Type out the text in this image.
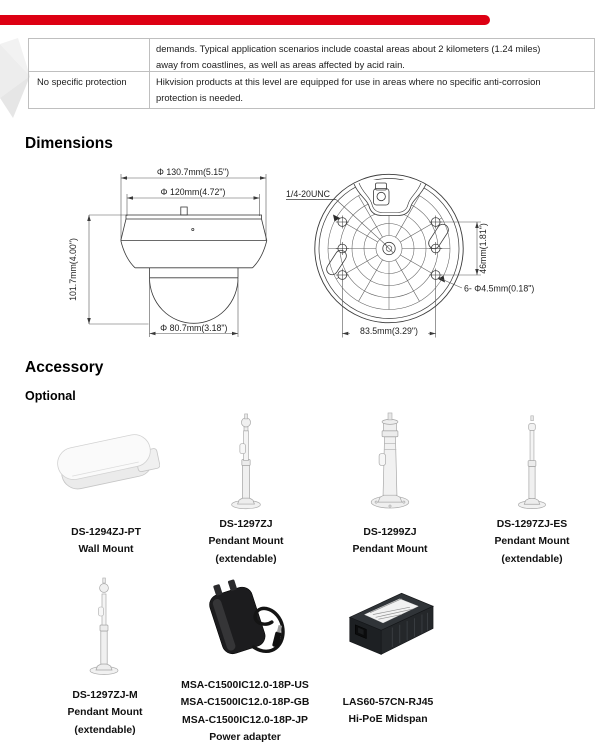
demands. Typical application scenarios include coastal areas about 2 kilometers (1.24 miles)
away from coastlines, as well as areas affected by acid rain.
No specific protection	Hikvision products at this level are equipped for use in areas where no specific anti-corrosion
protection is needed.
Dimensions
Φ 130.7mm(5.15")
Φ 120mm(4.72")
101.7mm(4.00")
Φ 80.7mm(3.18")
46mm(1.81")
6- Φ4.5mm(0.18")
83.5mm(3.29")
1/4-20UNC
Accessory
Optional
DS-1294ZJ-PT
Wall Mount
DS-1297ZJ
Pendant Mount
(extendable)
DS-1299ZJ
Pendant Mount
DS-1297ZJ-ES
Pendant Mount
(extendable)
DS-1297ZJ-M
Pendant Mount
(extendable)
MSA-C1500IC12.0-18P-US
MSA-C1500IC12.0-18P-GB
MSA-C1500IC12.0-18P-JP
Power adapter
LAS60-57CN-RJ45
Hi-PoE Midspan
